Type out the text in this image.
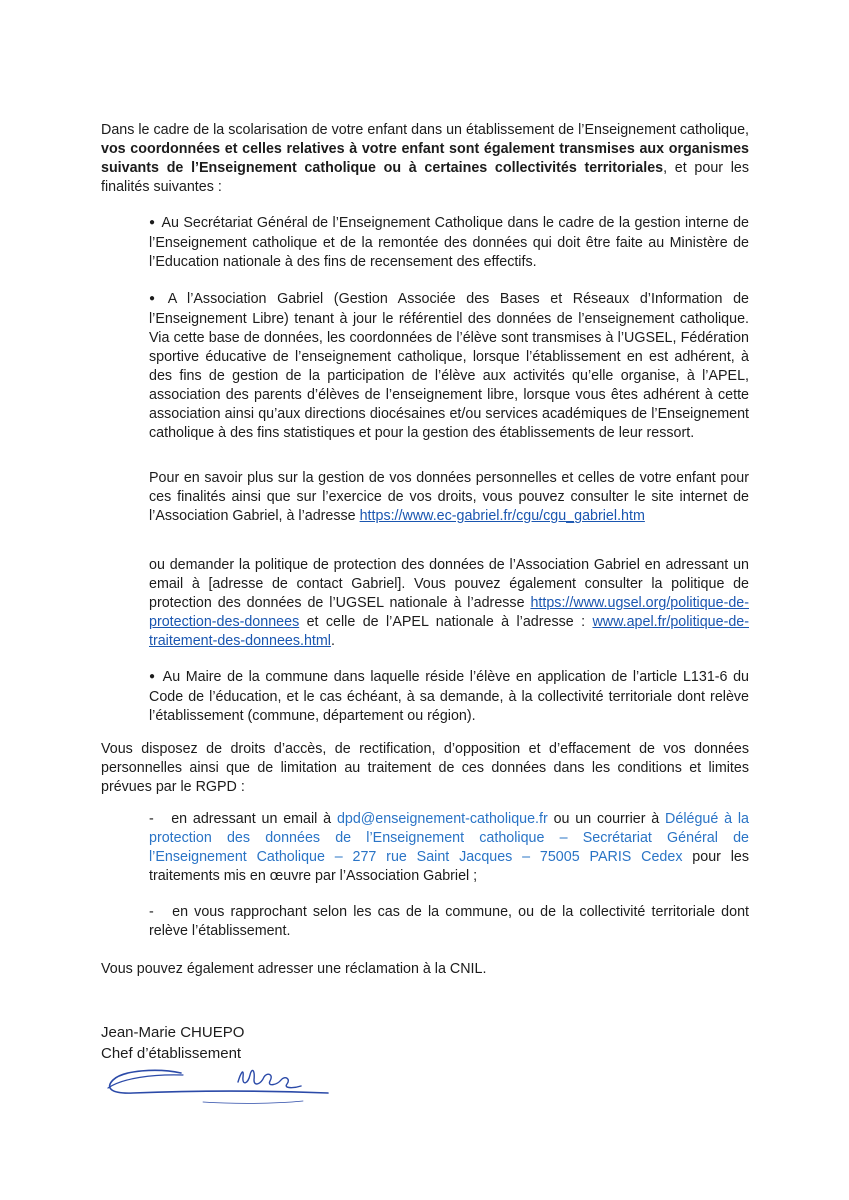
Dans le cadre de la scolarisation de votre enfant dans un établissement de l’Enseignement catholique, vos coordonnées et celles relatives à votre enfant sont également transmises aux organismes suivants de l’Enseignement catholique ou à certaines collectivités territoriales, et pour les finalités suivantes :

● Au Secrétariat Général de l’Enseignement Catholique dans le cadre de la gestion interne de l’Enseignement catholique et de la remontée des données qui doit être faite au Ministère de l’Education nationale à des fins de recensement des effectifs.

● A l’Association Gabriel (Gestion Associée des Bases et Réseaux d’Information de l’Enseignement Libre) tenant à jour le référentiel des données de l’enseignement catholique. Via cette base de données, les coordonnées de l’élève sont transmises à l’UGSEL, Fédération sportive éducative de l’enseignement catholique, lorsque l’établissement en est adhérent, à des fins de gestion de la participation de l’élève aux activités qu’elle organise, à l’APEL, association des parents d’élèves de l’enseignement libre, lorsque vous êtes adhérent à cette association ainsi qu’aux directions diocésaines et/ou services académiques de l’Enseignement catholique à des fins statistiques et pour la gestion des établissements de leur ressort.

Pour en savoir plus sur la gestion de vos données personnelles et celles de votre enfant pour ces finalités ainsi que sur l’exercice de vos droits, vous pouvez consulter le site internet de l’Association Gabriel, à l’adresse https://www.ec-gabriel.fr/cgu/cgu_gabriel.htm

ou demander la politique de protection des données de l’Association Gabriel en adressant un email à [adresse de contact Gabriel]. Vous pouvez également consulter la politique de protection des données de l’UGSEL nationale à l’adresse https://www.ugsel.org/politique-de-protection-des-donnees et celle de l’APEL nationale à l’adresse : www.apel.fr/politique-de-traitement-des-donnees.html.

● Au Maire de la commune dans laquelle réside l’élève en application de l’article L131-6 du Code de l’éducation, et le cas échéant, à sa demande, à la collectivité territoriale dont relève l’établissement (commune, département ou région).

Vous disposez de droits d’accès, de rectification, d’opposition et d’effacement de vos données personnelles ainsi que de limitation au traitement de ces données dans les conditions et limites prévues par le RGPD :

- en adressant un email à dpd@enseignement-catholique.fr ou un courrier à Délégué à la protection des données de l’Enseignement catholique – Secrétariat Général de l’Enseignement Catholique – 277 rue Saint Jacques – 75005 PARIS Cedex pour les traitements mis en œuvre par l’Association Gabriel ;

- en vous rapprochant selon les cas de la commune, ou de la collectivité territoriale dont relève l’établissement.

Vous pouvez également adresser une réclamation à la CNIL.

Jean-Marie CHUEPO
Chef d’établissement
